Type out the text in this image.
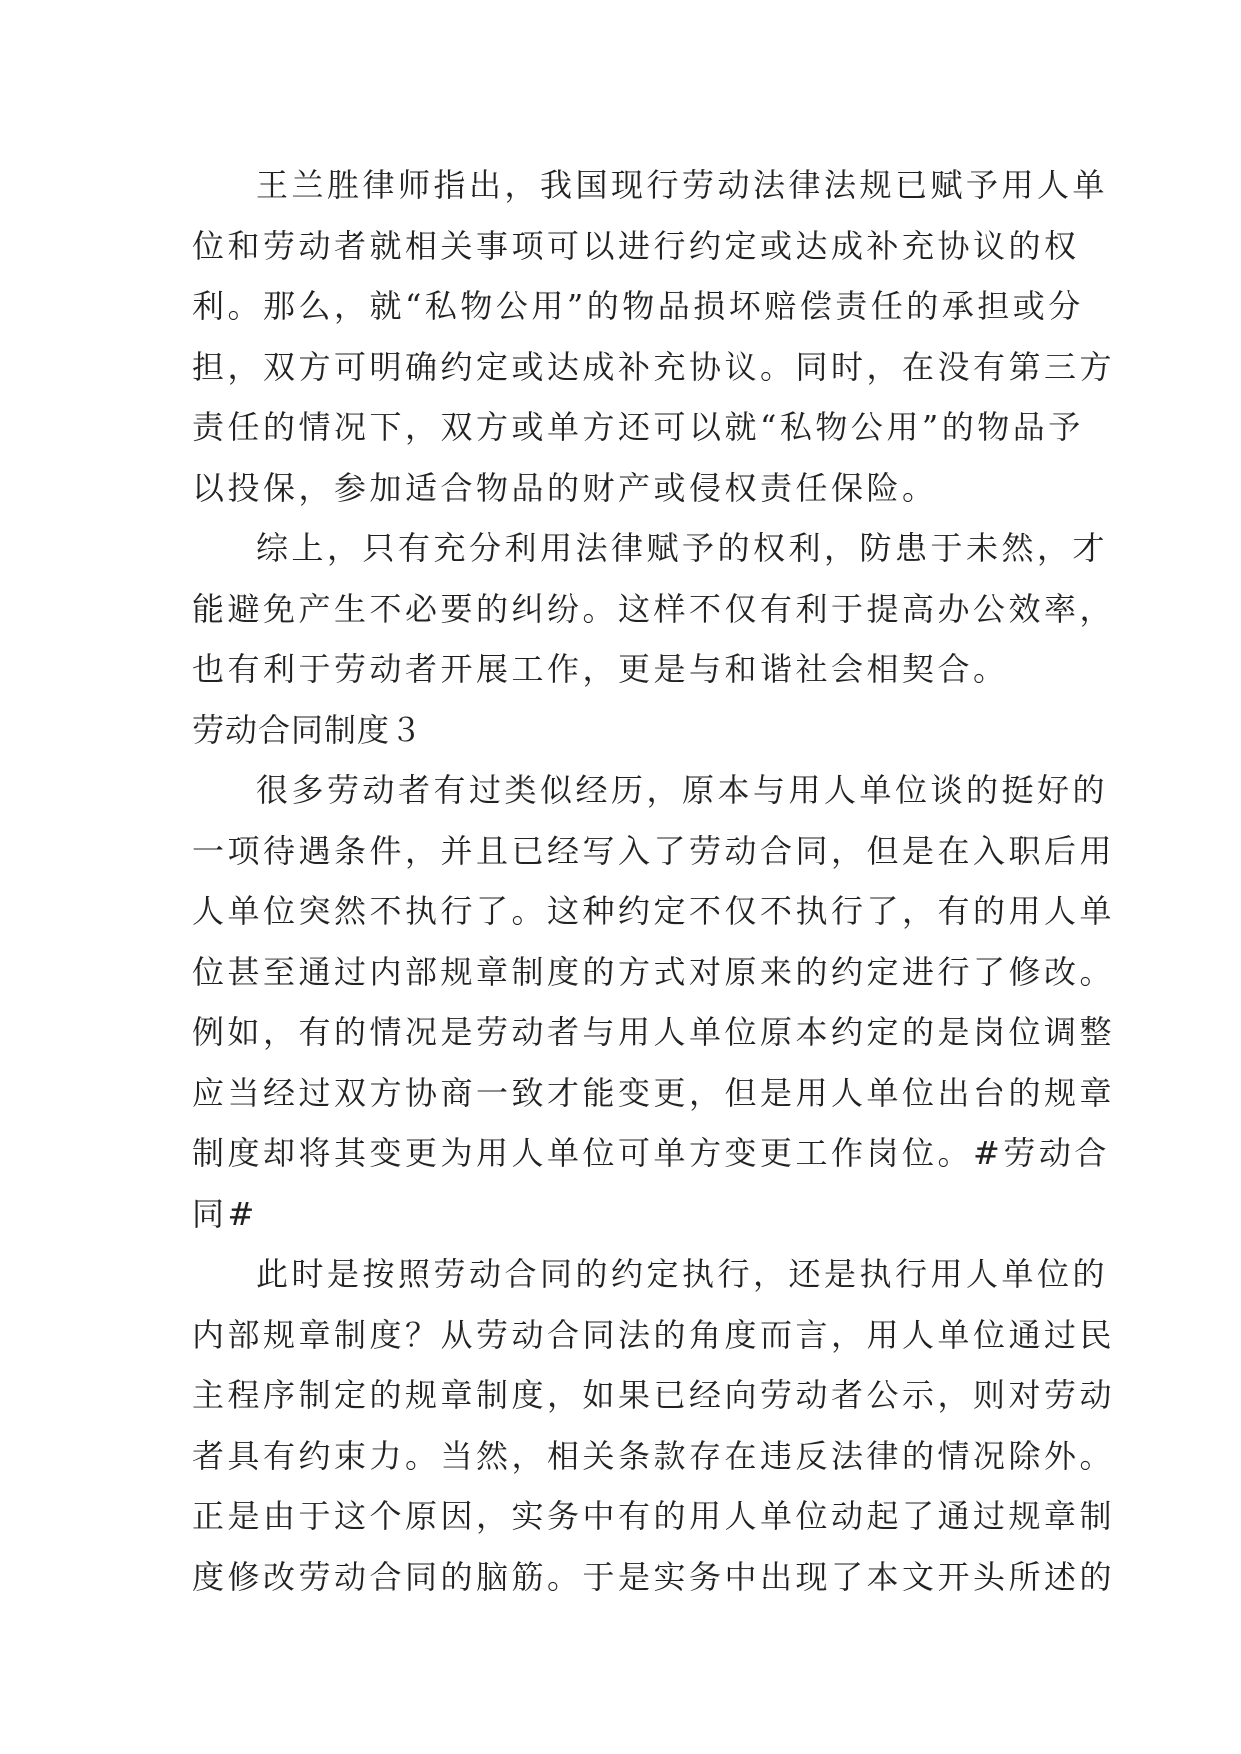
王兰胜律师指出，我国现行劳动法律法规已赋予用人单
位和劳动者就相关事项可以进行约定或达成补充协议的权
利。那么，就“私物公用”的物品损坏赔偿责任的承担或分
担，双方可明确约定或达成补充协议。同时，在没有第三方
责任的情况下，双方或单方还可以就“私物公用”的物品予
以投保，参加适合物品的财产或侵权责任保险。
综上，只有充分利用法律赋予的权利，防患于未然，才
能避免产生不必要的纠纷。这样不仅有利于提高办公效率，
也有利于劳动者开展工作，更是与和谐社会相契合。
劳动合同制度３
很多劳动者有过类似经历，原本与用人单位谈的挺好的
一项待遇条件，并且已经写入了劳动合同，但是在入职后用
人单位突然不执行了。这种约定不仅不执行了，有的用人单
位甚至通过内部规章制度的方式对原来的约定进行了修改。
例如，有的情况是劳动者与用人单位原本约定的是岗位调整
应当经过双方协商一致才能变更，但是用人单位出台的规章
制度却将其变更为用人单位可单方变更工作岗位。#劳动合
同#
此时是按照劳动合同的约定执行，还是执行用人单位的
内部规章制度？从劳动合同法的角度而言，用人单位通过民
主程序制定的规章制度，如果已经向劳动者公示，则对劳动
者具有约束力。当然，相关条款存在违反法律的情况除外。
正是由于这个原因，实务中有的用人单位动起了通过规章制
度修改劳动合同的脑筋。于是实务中出现了本文开头所述的
